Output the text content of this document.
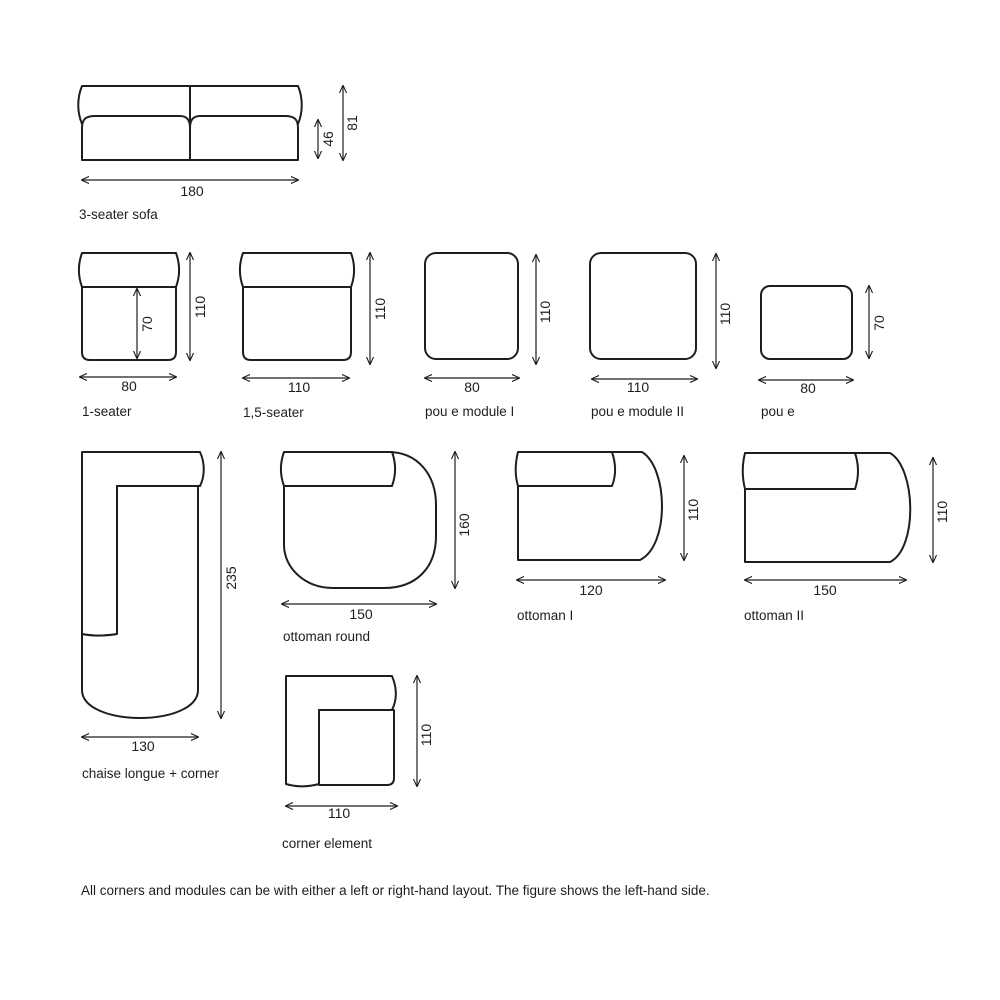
180
46
81
3-seater sofa
70
110
80
1-seater
110
110
1,5-seater
110
80
pou e module I
110
110
pou e module II
70
80
pou e
235
130
chaise longue + corner
160
150
ottoman round
110
120
ottoman I
110
150
ottoman II
110
110
corner element
All corners and modules can be with either a left or right-hand layout. The figure shows the left-hand side.
